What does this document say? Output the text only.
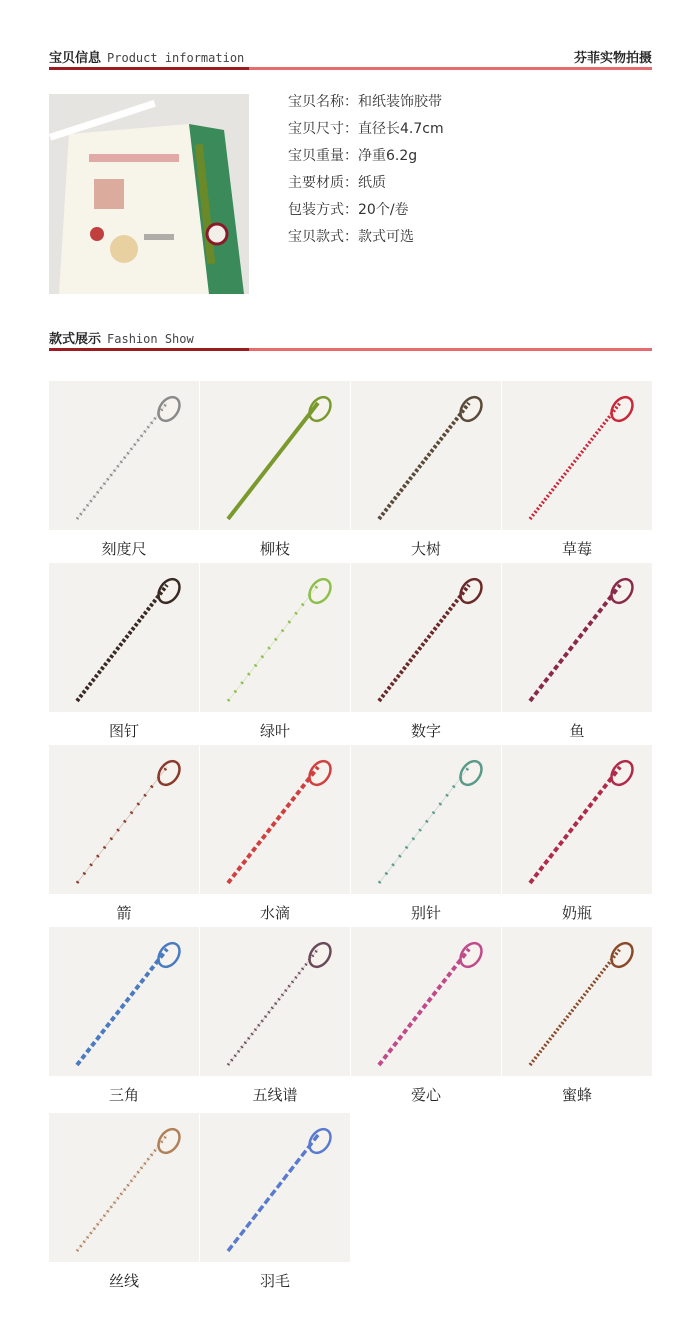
宝贝信息 Product information	芬菲实物拍摄
宝贝名称：和纸装饰胶带
宝贝尺寸：直径长4.7cm
宝贝重量：净重6.2g
主要材质：纸质
包装方式：20个/卷
宝贝款式：款式可选
款式展示 Fashion Show
刻度尺	柳枝	大树	草莓
图钉	绿叶	数字	鱼
箭	水滴	别针	奶瓶
三角	五线谱	爱心	蜜蜂
丝线	羽毛
